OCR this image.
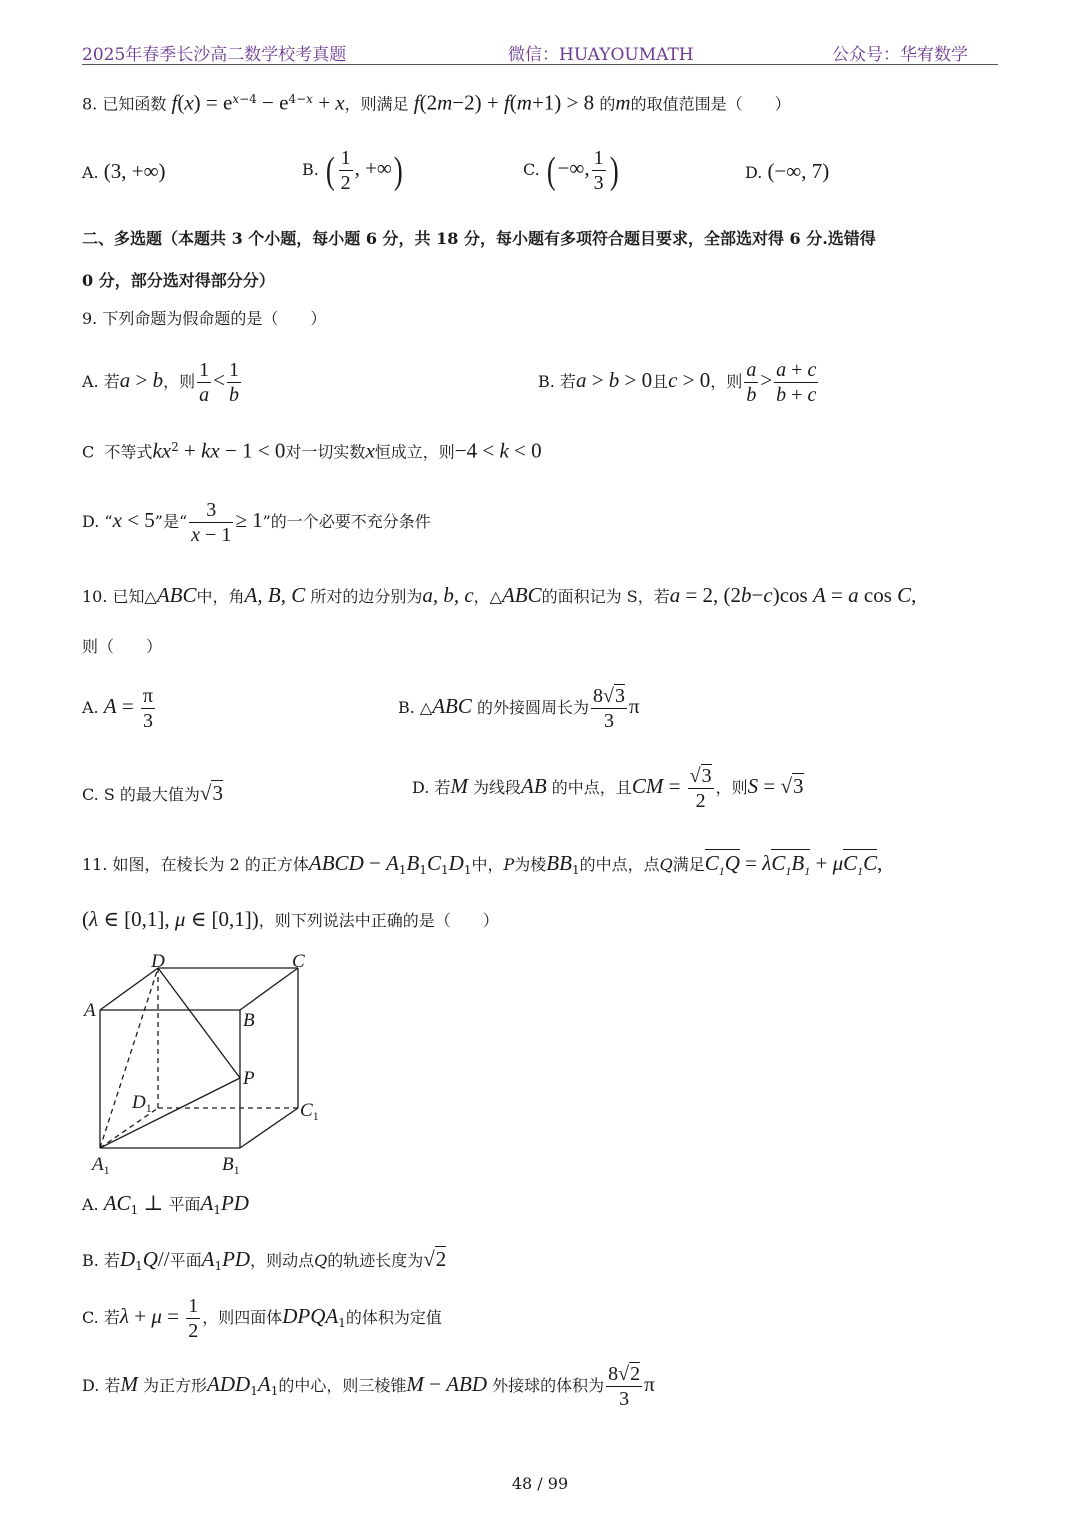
2025年春季长沙高二数学校考真题	微信：HUAYOUMATH	公众号：华宥数学
8. 已知函数 $f(x) = e^{x-4} - e^{4-x} + x$，则满足 f(2m−2) + f(m+1) > 8 的m的取值范围是（　　）
A. (3, +∞)	B. ( $\frac{1}{2}$ , +∞)	C. (−∞, $\frac{1}{3}$ )	D. (−∞, 7)
二、多选题（本题共 3 个小题，每小题 6 分，共 18 分，每小题有多项符合题目要求，全部选对得 6 分.选错得
0 分，部分选对得部分分）
9. 下列命题为假命题的是（　　）
A. 若a > b，则 $\frac{1}{a} < \frac{1}{b}$	B. 若a > b > 0且c > 0，则 $\frac{a}{b} > \frac{a + c}{b + c}$
C 不等式$kx^2$ + kx − 1 < 0对一切实数x恒成立，则−4 < k < 0
D. “x < 5”是“ $\frac{3}{x - 1} \ge 1$”的一个必要不充分条件
10. 已知△ABC中，角A, B, C 所对的边分别为a, b, c，△ABC的面积记为 S，若a = 2, (2b−c)cos A = a cos C,
则（　　）
A. $A = \frac{\pi}{3}$	B. △ABC 的外接圆周长为 $\frac{8√3}{3}$ π
C. S 的最大值为√3	D. 若M 为线段AB 的中点，且CM = $\frac{√3}{2}$ ，则S = √3
11. 如图，在棱长为 2 的正方体ABCD − $A_1B_1C_1D_1$中，P为棱$BB_1$的中点，点Q满足$C_1Q = \lambda C_1B_1 + \mu C_1C$,
(λ ∈ [0,1], μ ∈ [0,1])，则下列说法中正确的是（　　）
D	C
A	B
P
$D_1$	$C_1$
$A_1$	$B_1$
A. $AC_1$ ⊥ 平面$A_1PD$
B. 若$D_1Q//$平面$A_1PD$，则动点Q的轨迹长度为√2
C. 若$\lambda + \mu = \frac{1}{2}$ ，则四面体$DPQA_1$的体积为定值
D. 若M 为正方形$ADD_1A_1$的中心，则三棱锥M − ABD 外接球的体积为 $\frac{8√2}{3}$ π
48 / 99
